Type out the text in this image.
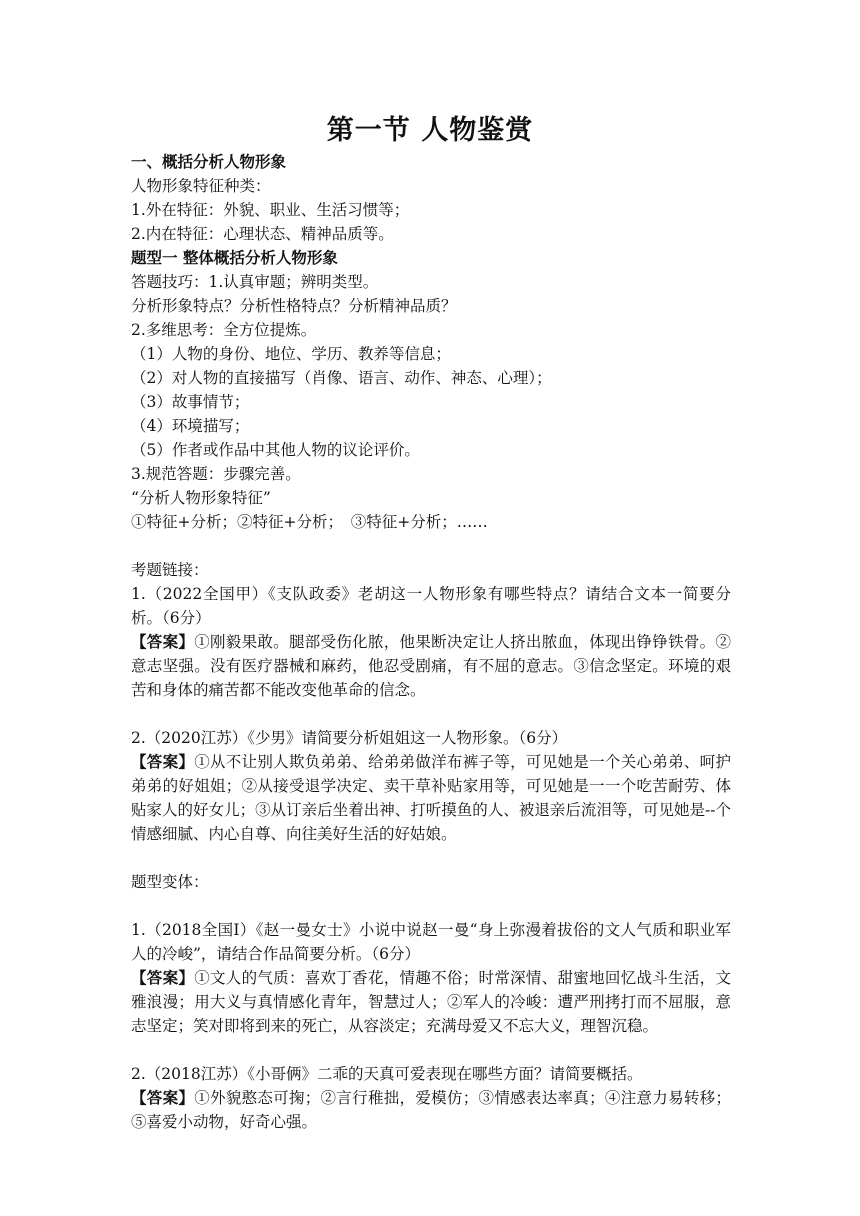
第一节 人物鉴赏
一、概括分析人物形象
人物形象特征种类：
1.外在特征：外貌、职业、生活习惯等；
2.内在特征：心理状态、精神品质等。
题型一 整体概括分析人物形象
答题技巧：1.认真审题；辨明类型。
分析形象特点？分析性格特点？分析精神品质？
2.多维思考：全方位提炼。
（1）人物的身份、地位、学历、教养等信息；
（2）对人物的直接描写（肖像、语言、动作、神态、心理）；
（3）故事情节；
（4）环境描写；
（5）作者或作品中其他人物的议论评价。
3.规范答题：步骤完善。
“分析人物形象特征”
①特征+分析；②特征+分析；　③特征+分析；……
考题链接：
1.（2022全国甲）《支队政委》老胡这一人物形象有哪些特点？请结合文本一简要分析。（6分）
【答案】①刚毅果敢。腿部受伤化脓，他果断决定让人挤出脓血，体现出铮铮铁骨。②意志坚强。没有医疗器械和麻药，他忍受剧痛，有不屈的意志。③信念坚定。环境的艰苦和身体的痛苦都不能改变他革命的信念。
2.（2020江苏）《少男》请简要分析姐姐这一人物形象。（6分）
【答案】①从不让别人欺负弟弟、给弟弟做洋布裤子等，可见她是一个关心弟弟、呵护弟弟的好姐姐；②从接受退学决定、卖干草补贴家用等，可见她是一一个吃苦耐劳、体贴家人的好女儿；③从订亲后坐着出神、打听摸鱼的人、被退亲后流泪等，可见她是--个情感细腻、内心自尊、向往美好生活的好姑娘。
题型变体：
1.（2018全国Ⅰ）《赵一曼女士》小说中说赵一曼“身上弥漫着拔俗的文人气质和职业军人的冷峻”，请结合作品简要分析。（6分）
【答案】①文人的气质：喜欢丁香花，情趣不俗；时常深情、甜蜜地回忆战斗生活，文雅浪漫；用大义与真情感化青年，智慧过人；②军人的冷峻：遭严刑拷打而不屈服，意志坚定；笑对即将到来的死亡，从容淡定；充满母爱又不忘大义，理智沉稳。
2.（2018江苏）《小哥俩》二乖的天真可爱表现在哪些方面？请简要概括。
【答案】①外貌憨态可掬；②言行稚拙，爱模仿；③情感表达率真；④注意力易转移；⑤喜爱小动物，好奇心强。
